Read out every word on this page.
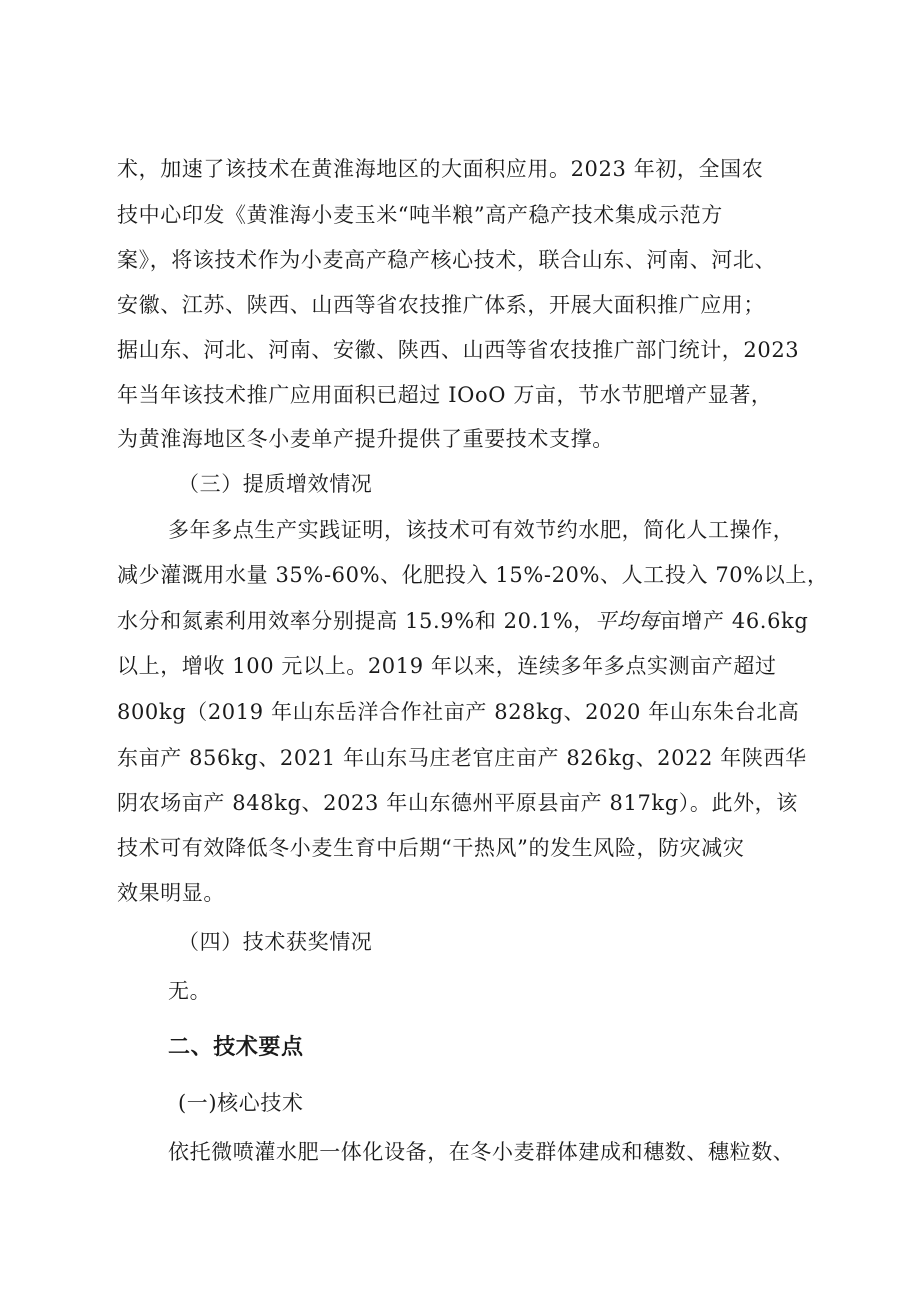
术，加速了该技术在黄淮海地区的大面积应用。2023 年初，全国农
技中心印发《黄淮海小麦玉米“吨半粮”高产稳产技术集成示范方
案》，将该技术作为小麦高产稳产核心技术，联合山东、河南、河北、
安徽、江苏、陕西、山西等省农技推广体系，开展大面积推广应用；
据山东、河北、河南、安徽、陕西、山西等省农技推广部门统计，2023
年当年该技术推广应用面积已超过 IOoO 万亩，节水节肥增产显著，
为黄淮海地区冬小麦单产提升提供了重要技术支撑。
（三）提质增效情况
多年多点生产实践证明，该技术可有效节约水肥，简化人工操作，
减少灌溉用水量 35%-60%、化肥投入 15%-20%、人工投入 70%以上，
水分和氮素利用效率分别提高 15.9%和 20.1%，平均每亩增产 46.6kg
以上，增收 100 元以上。2019 年以来，连续多年多点实测亩产超过
800kg（2019 年山东岳洋合作社亩产 828kg、2020 年山东朱台北高
东亩产 856kg、2021 年山东马庄老官庄亩产 826kg、2022 年陕西华
阴农场亩产 848kg、2023 年山东德州平原县亩产 817kg）。此外，该
技术可有效降低冬小麦生育中后期“干热风”的发生风险，防灾减灾
效果明显。
（四）技术获奖情况
无。
二、技术要点
(一)核心技术
依托微喷灌水肥一体化设备，在冬小麦群体建成和穗数、穗粒数、
